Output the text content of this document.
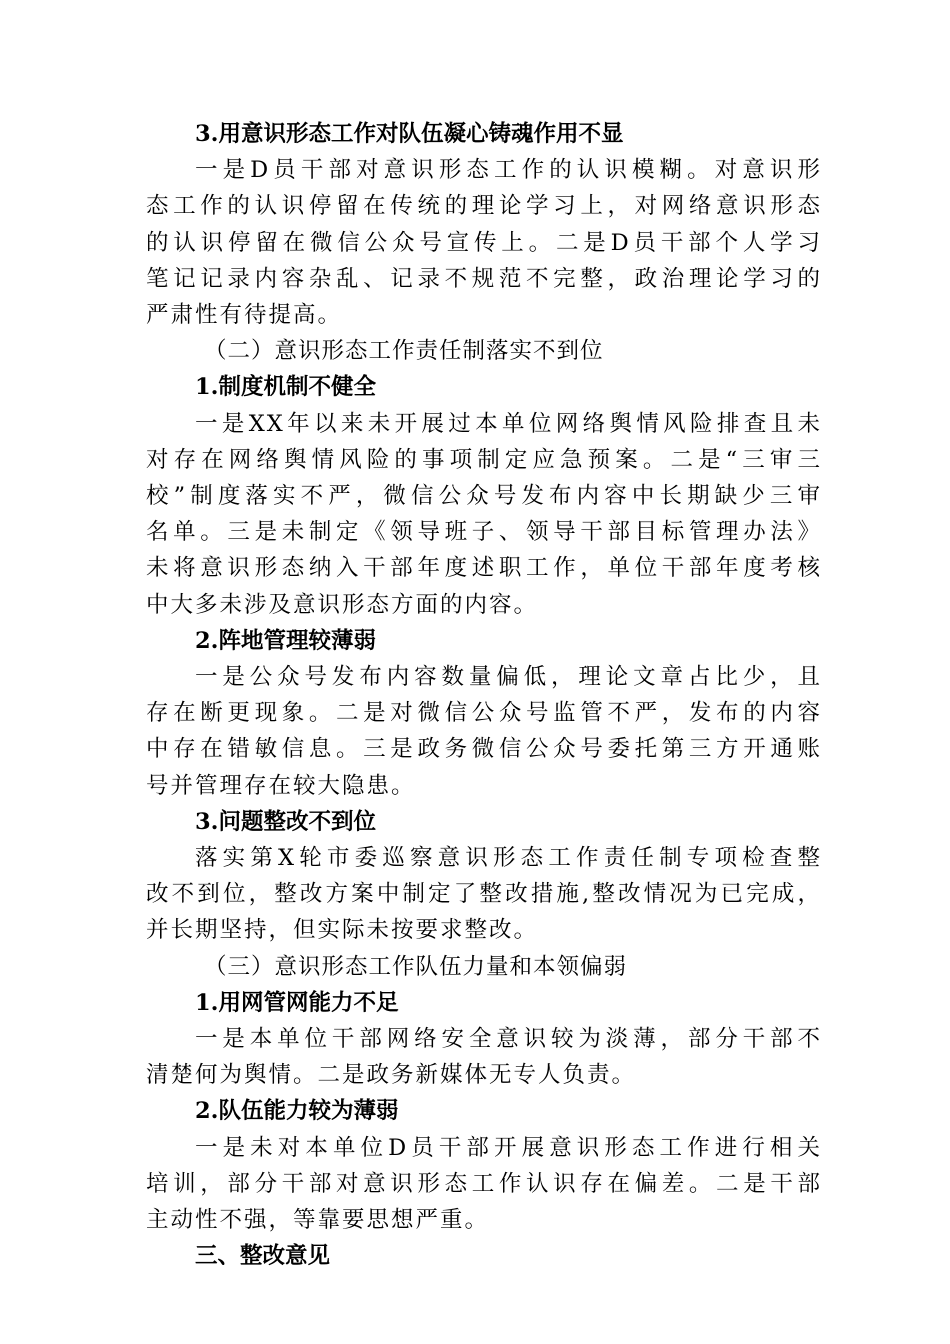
3.用意识形态工作对队伍凝心铸魂作用不显

一是D员干部对意识形态工作的认识模糊。对意识形
态工作的认识停留在传统的理论学习上，对网络意识形态
的认识停留在微信公众号宣传上。二是D员干部个人学习
笔记记录内容杂乱、记录不规范不完整，政治理论学习的
严肃性有待提高。

（二）意识形态工作责任制落实不到位

1.制度机制不健全

一是XX年以来未开展过本单位网络舆情风险排查且未
对存在网络舆情风险的事项制定应急预案。二是“三审三
校”制度落实不严，微信公众号发布内容中长期缺少三审
名单。三是未制定《领导班子、领导干部目标管理办法》
未将意识形态纳入干部年度述职工作，单位干部年度考核
中大多未涉及意识形态方面的内容。

2.阵地管理较薄弱

一是公众号发布内容数量偏低，理论文章占比少，且
存在断更现象。二是对微信公众号监管不严，发布的内容
中存在错敏信息。三是政务微信公众号委托第三方开通账
号并管理存在较大隐患。

3.问题整改不到位

落实第X轮市委巡察意识形态工作责任制专项检查整
改不到位，整改方案中制定了整改措施,整改情况为已完成，
并长期坚持，但实际未按要求整改。

（三）意识形态工作队伍力量和本领偏弱

1.用网管网能力不足

一是本单位干部网络安全意识较为淡薄，部分干部不
清楚何为舆情。二是政务新媒体无专人负责。

2.队伍能力较为薄弱

一是未对本单位D员干部开展意识形态工作进行相关
培训，部分干部对意识形态工作认识存在偏差。二是干部
主动性不强，等靠要思想严重。

三、整改意见
